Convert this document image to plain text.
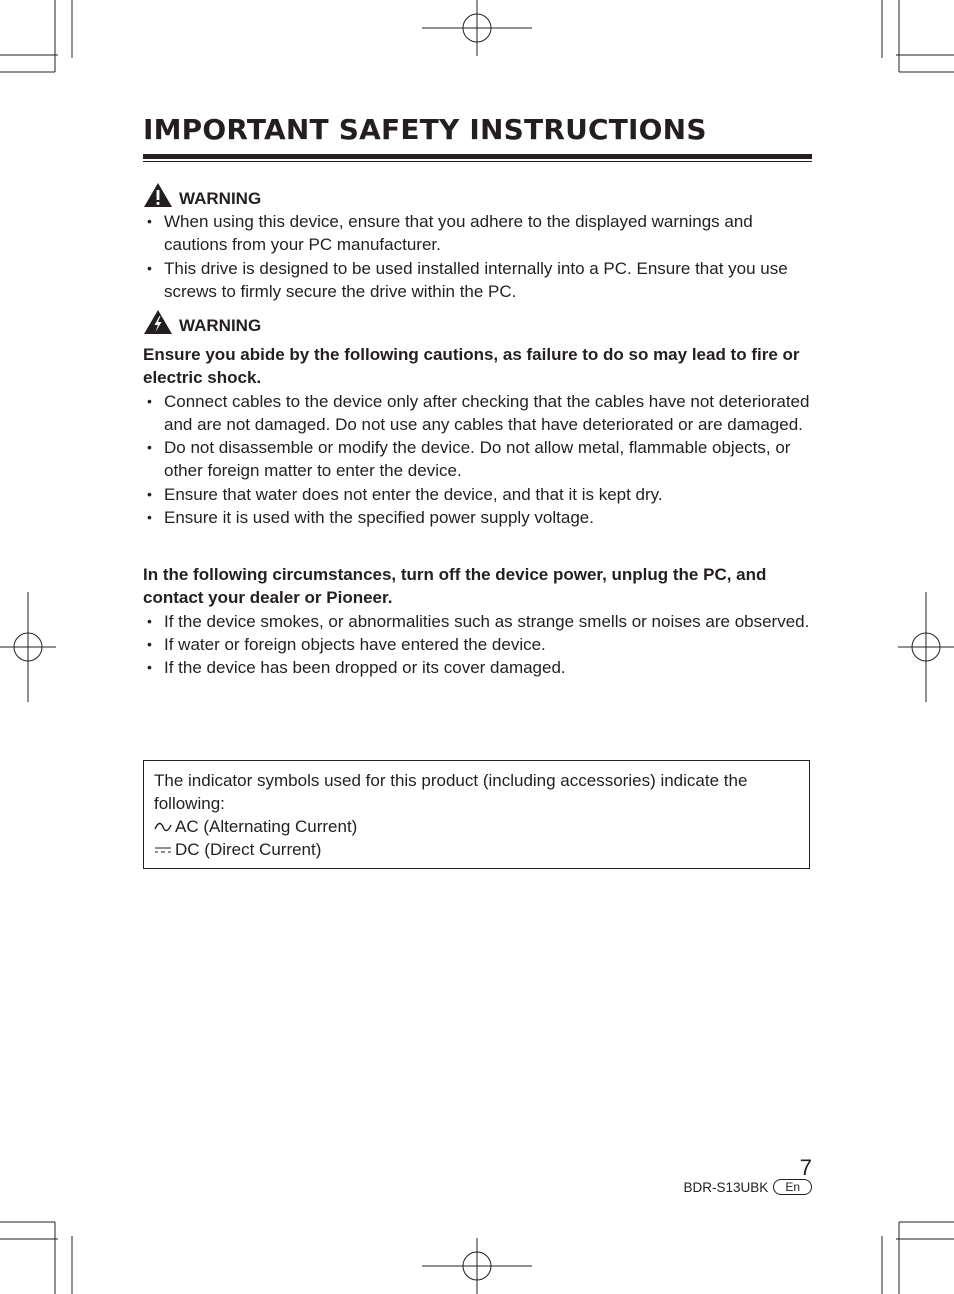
IMPORTANT SAFETY INSTRUCTIONS
WARNING
• When using this device, ensure that you adhere to the displayed warnings and cautions from your PC manufacturer.
• This drive is designed to be used installed internally into a PC. Ensure that you use screws to firmly secure the drive within the PC.
WARNING

Ensure you abide by the following cautions, as failure to do so may lead to fire or electric shock.

• Connect cables to the device only after checking that the cables have not deteriorated and are not damaged. Do not use any cables that have deteriorated or are damaged.
• Do not disassemble or modify the device. Do not allow metal, flammable objects, or other foreign matter to enter the device.
• Ensure that water does not enter the device, and that it is kept dry.
• Ensure it is used with the specified power supply voltage.

In the following circumstances, turn off the device power, unplug the PC, and contact your dealer or Pioneer.

• If the device smokes, or abnormalities such as strange smells or noises are observed.
• If water or foreign objects have entered the device.
• If the device has been dropped or its cover damaged.
The indicator symbols used for this product (including accessories) indicate the following:
AC (Alternating Current)
DC (Direct Current)
7
BDR-S13UBK	En
